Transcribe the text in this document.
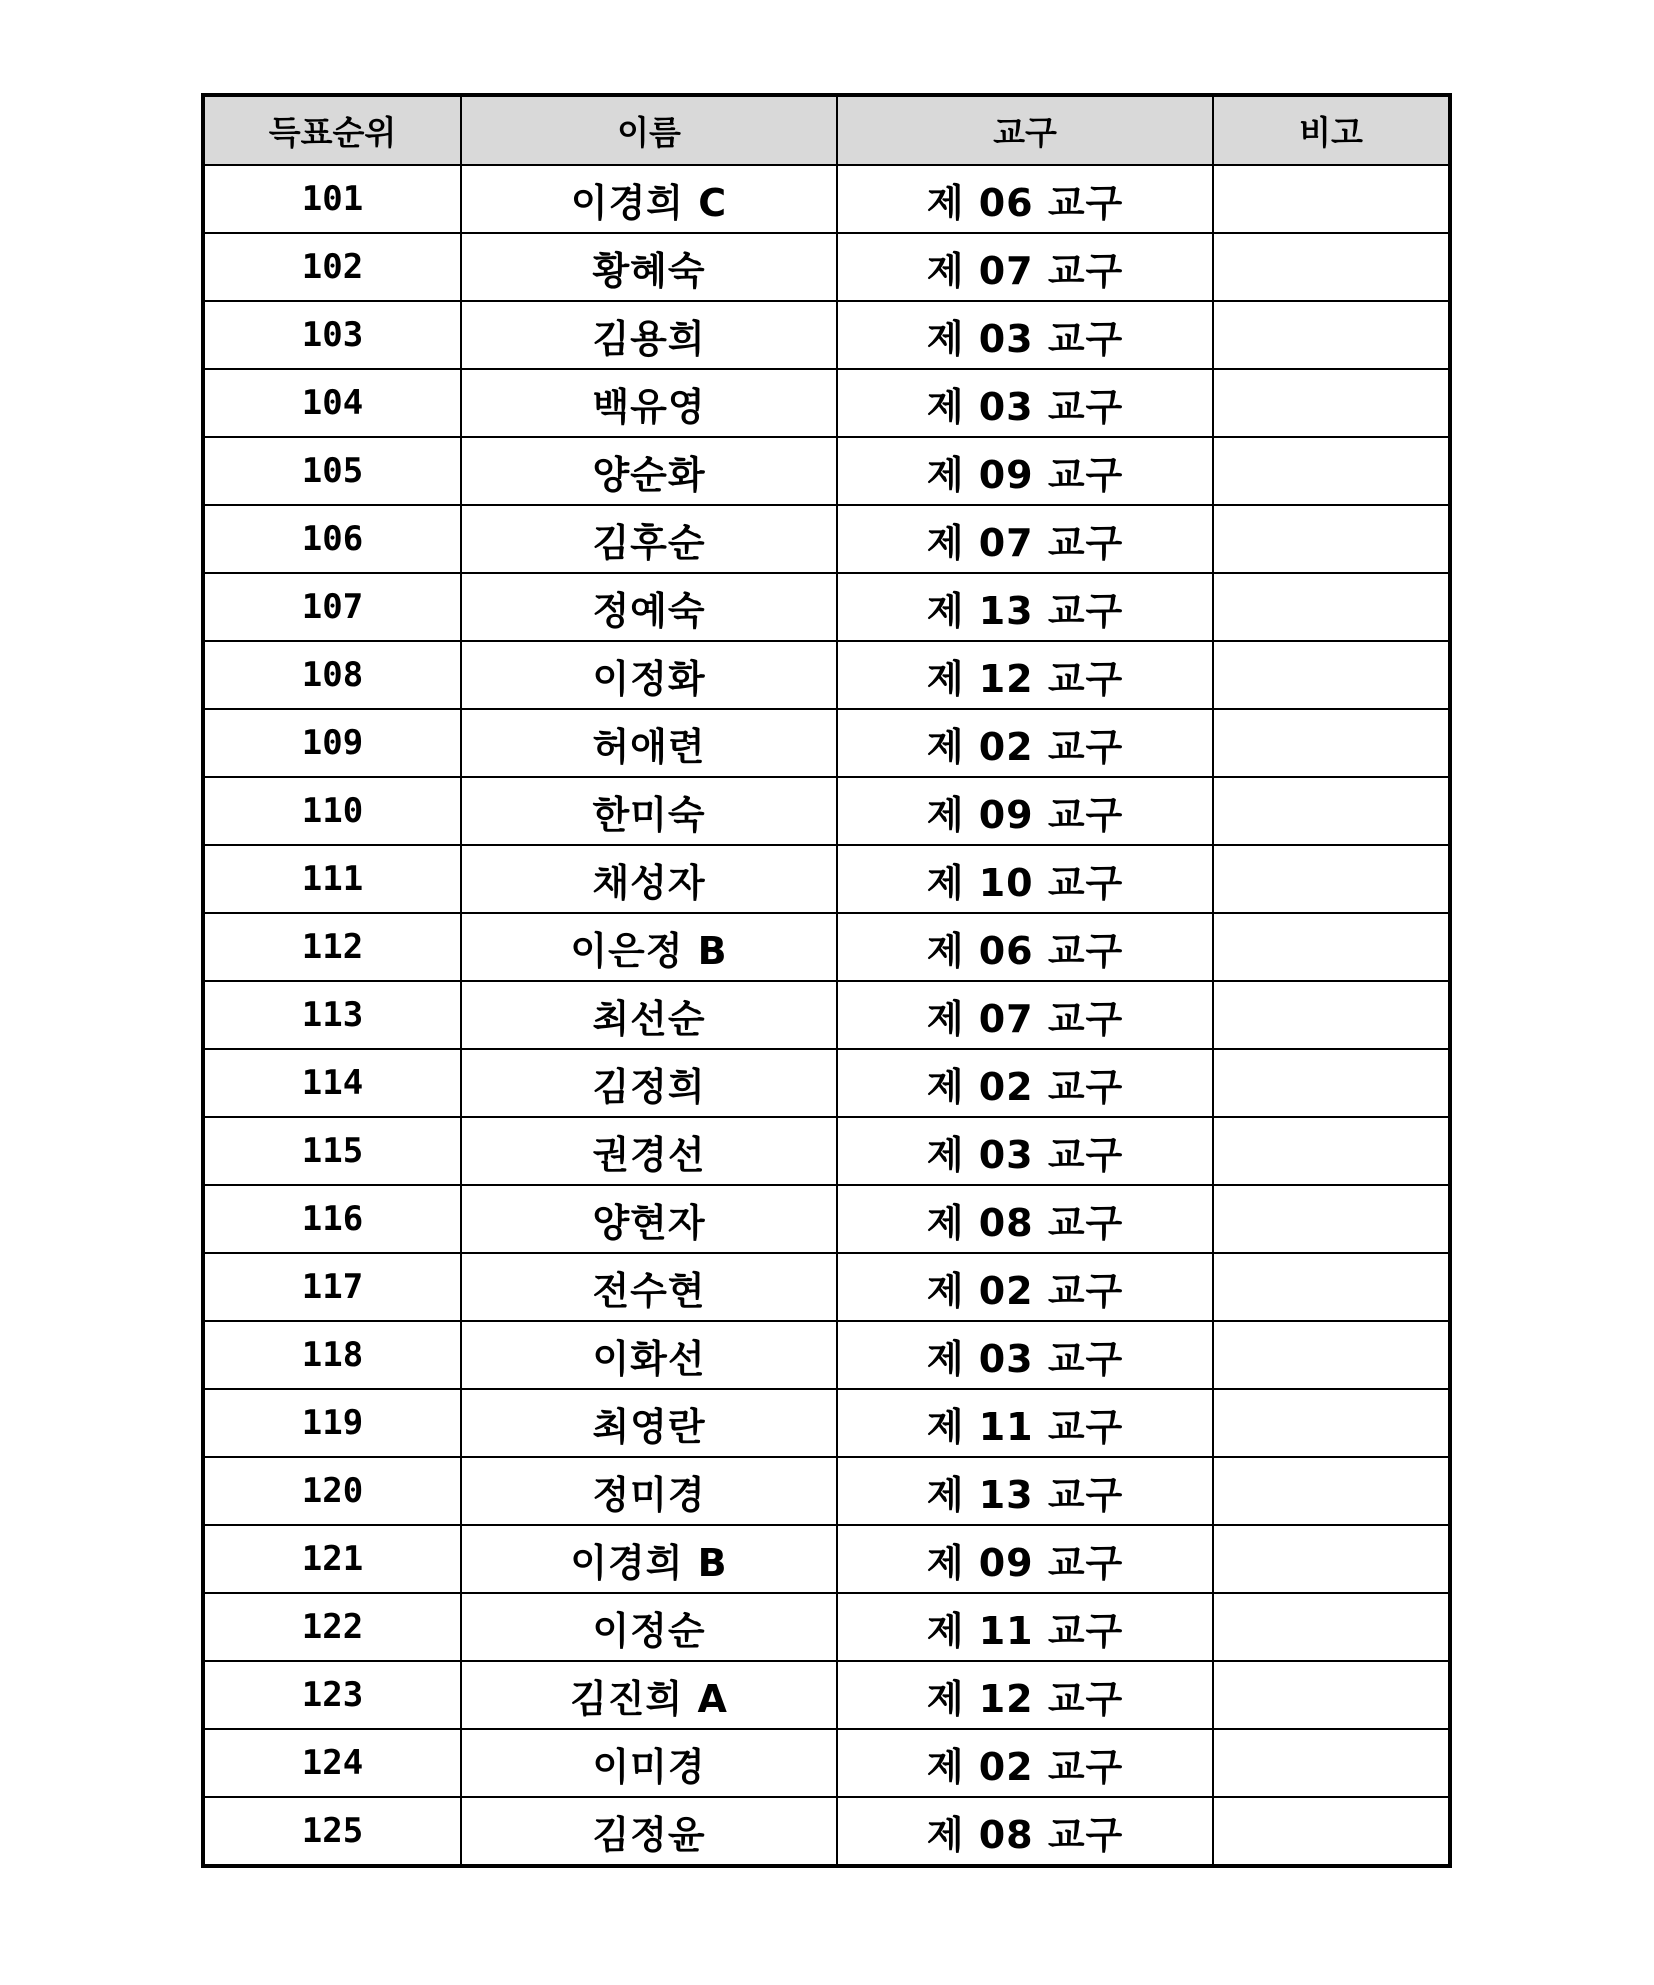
득표순위	이름	교구	비고
101	이경희 C	제 06 교구	
102	황혜숙	제 07 교구	
103	김용희	제 03 교구	
104	백유영	제 03 교구	
105	양순화	제 09 교구	
106	김후순	제 07 교구	
107	정예숙	제 13 교구	
108	이정화	제 12 교구	
109	허애련	제 02 교구	
110	한미숙	제 09 교구	
111	채성자	제 10 교구	
112	이은정 B	제 06 교구	
113	최선순	제 07 교구	
114	김정희	제 02 교구	
115	권경선	제 03 교구	
116	양현자	제 08 교구	
117	전수현	제 02 교구	
118	이화선	제 03 교구	
119	최영란	제 11 교구	
120	정미경	제 13 교구	
121	이경희 B	제 09 교구	
122	이정순	제 11 교구	
123	김진희 A	제 12 교구	
124	이미경	제 02 교구	
125	김정윤	제 08 교구	
